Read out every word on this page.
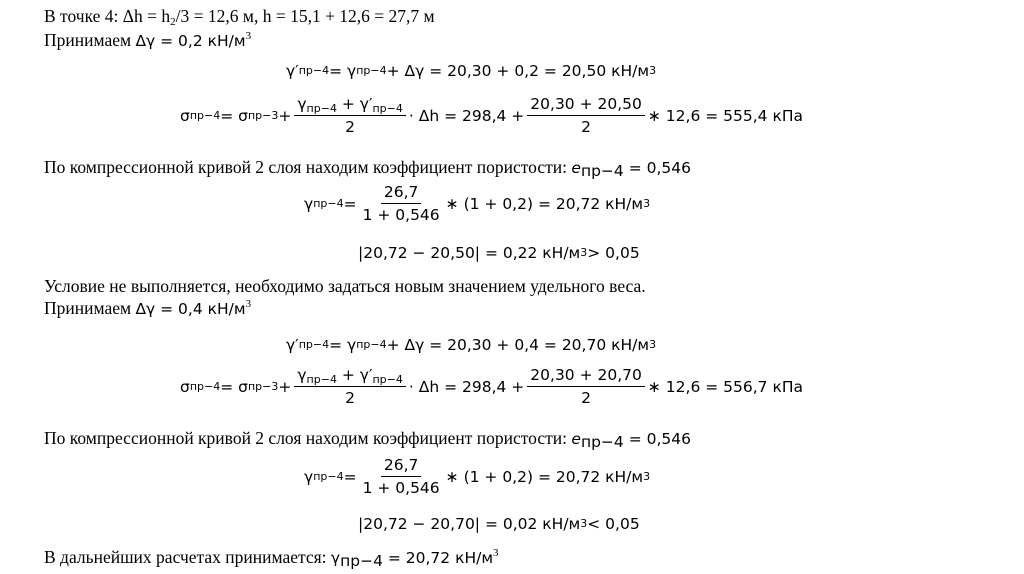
В точке 4: $\Delta h = h_2/3 = 12,6$ м, h = 15,1 + 12,6 = 27,7 м
Принимаем Δγ = 0,2 $кН/м^3$
γ′ пр−4 = γ пр−4 + Δγ = 20,30 + 0,2 = 20,50 кН/м 3
σ пр−4 = σ $пр-3 + \frac{\gamma_{пр-4} + \gamma'_{пр-4}}{2} \cdot \Delta h = 298,4 + \frac{20,30 + 20,50}{2}$ ∗ 12,6 = 555,4 кПа
По компрессионной кривой 2 слоя находим коэффициент пористости: $e_{пр-4} = 0,546$
γ $пр-4 = \frac{26,7}{1 + 0,546}$ ∗ (1 + 0,2) = 20,72 кН/м 3
|20,72 − 20,50| = 0,22 кН/м 3 > 0,05
Условие не выполняется, необходимо задаться новым значением удельного веса.
Принимаем Δγ = 0,4 $кН/м^3$
γ′ пр−4 = γ пр−4 + Δγ = 20,30 + 0,4 = 20,70 кН/м 3
σ пр−4 = σ $пр-3 + \frac{\gamma_{пр-4} + \gamma'_{пр-4}}{2} \cdot \Delta h = 298,4 + \frac{20,30 + 20,70}{2}$ ∗ 12,6 = 556,7 кПа
По компрессионной кривой 2 слоя находим коэффициент пористости: $e_{пр-4} = 0,546$
γ $пр-4 = \frac{26,7}{1 + 0,546}$ ∗ (1 + 0,2) = 20,72 кН/м 3
|20,72 − 20,70| = 0,02 кН/м 3 < 0,05
В дальнейших расчетах принимается: $\gamma_{пр-4} = 20,72$ $кН/м^3$
